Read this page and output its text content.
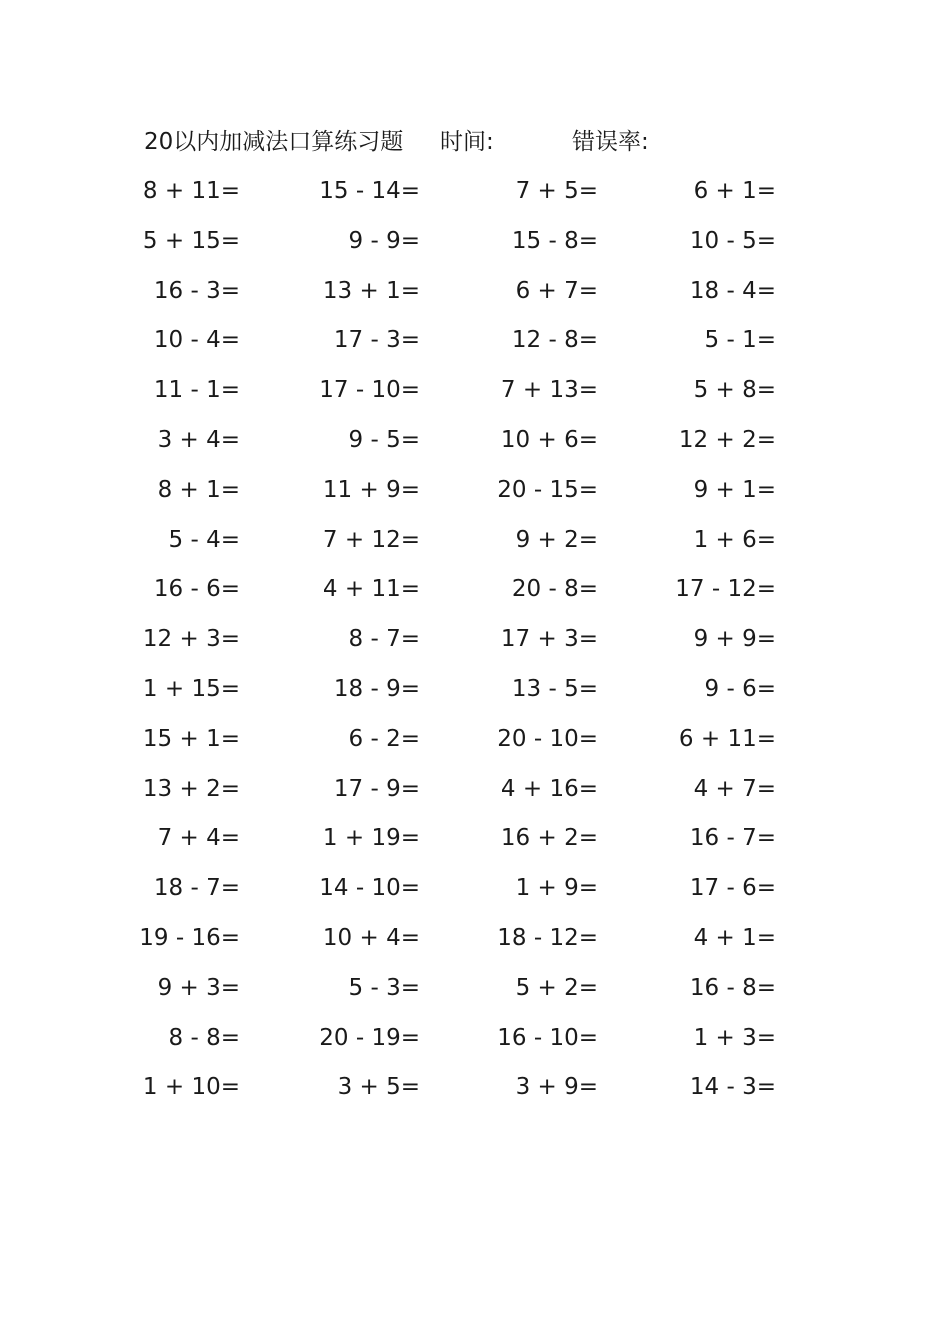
20以内加减法口算练习题 时间:	错误率:
8 + 11=	15 - 14=	7 + 5=	6 + 1=
5 + 15=	9 - 9=	15 - 8=	10 - 5=
16 - 3=	13 + 1=	6 + 7=	18 - 4=
10 - 4=	17 - 3=	12 - 8=	5 - 1=
11 - 1=	17 - 10=	7 + 13=	5 + 8=
3 + 4=	9 - 5=	10 + 6=	12 + 2=
8 + 1=	11 + 9=	20 - 15=	9 + 1=
5 - 4=	7 + 12=	9 + 2=	1 + 6=
16 - 6=	4 + 11=	20 - 8=	17 - 12=
12 + 3=	8 - 7=	17 + 3=	9 + 9=
1 + 15=	18 - 9=	13 - 5=	9 - 6=
15 + 1=	6 - 2=	20 - 10=	6 + 11=
13 + 2=	17 - 9=	4 + 16=	4 + 7=
7 + 4=	1 + 19=	16 + 2=	16 - 7=
18 - 7=	14 - 10=	1 + 9=	17 - 6=
19 - 16=	10 + 4=	18 - 12=	4 + 1=
9 + 3=	5 - 3=	5 + 2=	16 - 8=
8 - 8=	20 - 19=	16 - 10=	1 + 3=
1 + 10=	3 + 5=	3 + 9=	14 - 3=
